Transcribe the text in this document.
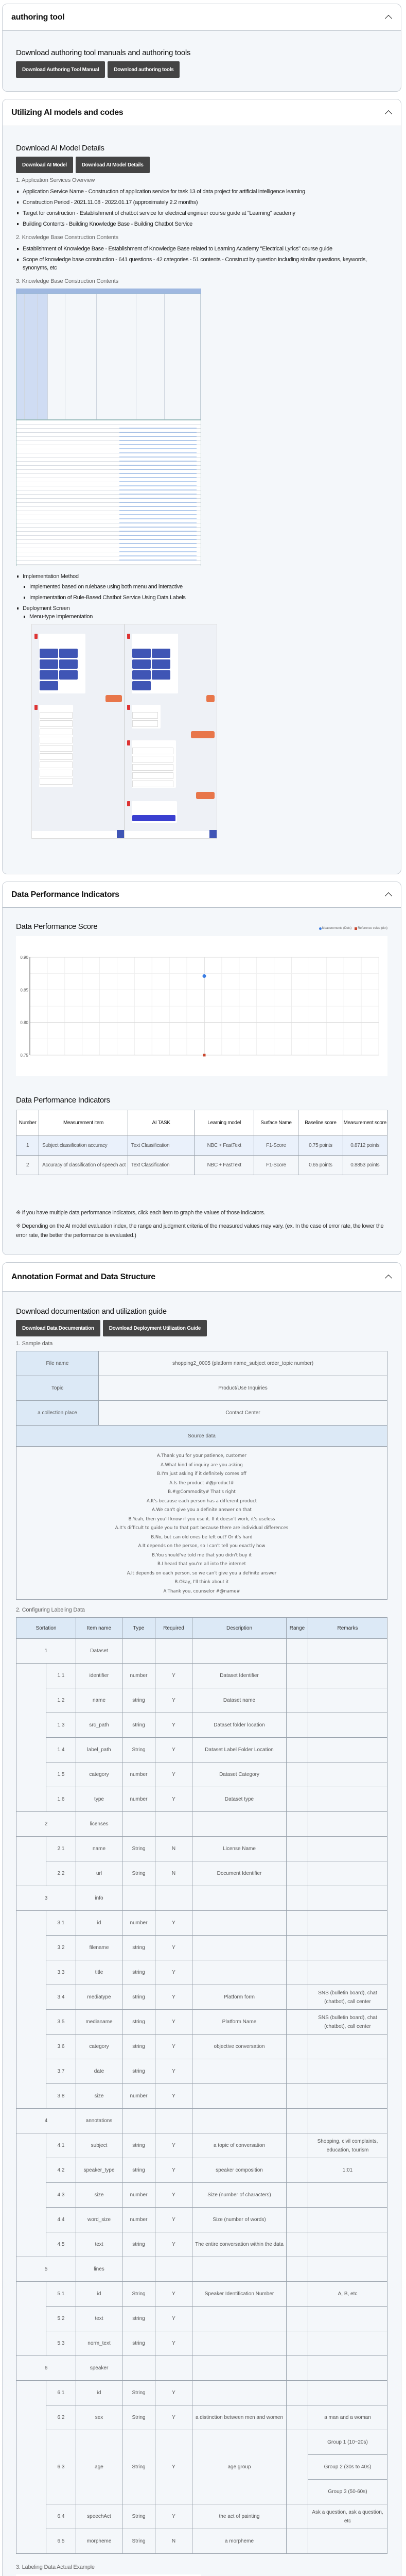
authoring tool
Download authoring tool manuals and authoring tools
Download Authoring Tool Manual	Download authoring tools
Utilizing AI models and codes
Download AI Model Details
Download AI Model	Download AI Model Details
1. Application Services Overview
Application Service Name - Construction of application service for task 13 of data project for artificial intelligence learning
Construction Period - 2021.11.08 - 2022.01.17 (approximately 2.2 months)
Target for construction - Establishment of chatbot service for electrical engineer course guide at "Learning" academy
Building Contents - Building Knowledge Base - Building Chatbot Service
2. Knowledge Base Construction Contents
Establishment of Knowledge Base - Establishment of Knowledge Base related to Learning Academy "Electrical Lyrics" course guide
Scope of knowledge base construction - 641 questions - 42 categories - 51 contents - Construct by question including similar questions, keywords, synonyms, etc
3. Knowledge Base Construction Contents
Implementation Method
Implemented based on rulebase using both menu and interactive
Implementation of Rule-Based Chatbot Service Using Data Labels
Deployment Screen
Menu-type Implementation
Data Performance Indicators
Data Performance Score	Measurements (Dots) Reference value (dot)
0.90
0.85
0.80
0.75
Data Performance Indicators
Number	Measurement item	AI TASK	Learning model	Surface Name	Baseline score	Measurement score
1	Subject classification accuracy	Text Classification	NBC + FastText	F1-Score	0.75 points	0.8712 points
2	Accuracy of classification of speech act	Text Classification	NBC + FastText	F1-Score	0.65 points	0.8853 points
※ If you have multiple data performance indicators, click each item to graph the values of those indicators.
※ Depending on the AI model evaluation index, the range and judgment criteria of the measured values may vary. (ex. In the case of error rate, the lower the error rate, the better the performance is evaluated.)
Annotation Format and Data Structure
Download documentation and utilization guide
Download Data Documentation	Download Deployment Utilization Guide
1. Sample data
File name	shopping2_0005 (platform name_subject order_topic number)
Topic	Product/Use Inquiries
a collection place	Contact Center
Source data

A.Thank you for your patience, customer
A.What kind of inquiry are you asking
B.I'm just asking if it definitely comes off
A.Is the product #@product#
B.#@Commodity# That's right
A.It's because each person has a different product
A.We can't give you a definite answer on that
B.Yeah, then you'll know if you use it. If it doesn't work, it's useless
A.It's difficult to guide you to that part because there are individual differences
B.No, but can old ones be left out? Or it's hard
A.It depends on the person, so I can't tell you exactly how
B.You should've told me that you didn't buy it
B.I heard that you're all into the internet
A.It depends on each person, so we can't give you a definite answer
B.Okay, I'll think about it
A.Thank you, counselor #@name#
2. Configuring Labeling Data
Sortation	Item name	Type	Required	Description	Range	Remarks
1	Dataset					
	1.1	identifier	number	Y	Dataset Identifier		
	1.2	name	string	Y	Dataset name		
	1.3	src_path	string	Y	Dataset folder location		
	1.4	label_path	String	Y	Dataset Label Folder Location		
	1.5	category	number	Y	Dataset Category		
	1.6	type	number	Y	Dataset type		
2	licenses					
	2.1	name	String	N	License Name		
	2.2	url	String	N	Document Identifier		
3	info					
	3.1	id	number	Y			
	3.2	filename	string	Y			
	3.3	title	string	Y			
	3.4	mediatype	string	Y	Platform form		SNS (bulletin board), chat (chatbot), call center
	3.5	medianame	string	Y	Platform Name		SNS (bulletin board), chat (chatbot), call center
	3.6	category	string	Y	objective conversation		
	3.7	date	string	Y			
	3.8	size	number	Y			
4	annotations					
	4.1	subject	string	Y	a topic of conversation		Shopping, civil complaints, education, tourism
	4.2	speaker_type	string	Y	speaker composition		1:01
	4.3	size	number	Y	Size (number of characters)		
	4.4	word_size	number	Y	Size (number of words)		
	4.5	text	string	Y	The entire conversation within the data		
5	lines					
	5.1	id	String	Y	Speaker Identification Number		A, B, etc
	5.2	text	string	Y			
	5.3	norm_text	string	Y			
6	speaker					
	6.1	id	String	Y			
	6.2	sex	String	Y	a distinction between men and women		a man and a woman
	6.3	age	String	Y	age group		Group 1 (10~20s)
Group 2 (30s to 40s)
Group 3 (50-60s)
	6.4	speechAct	String	Y	the act of painting		Ask a question, ask a question, etc
	6.5	morpheme	String	N	a morpheme		
3. Labeling Data Actual Example
